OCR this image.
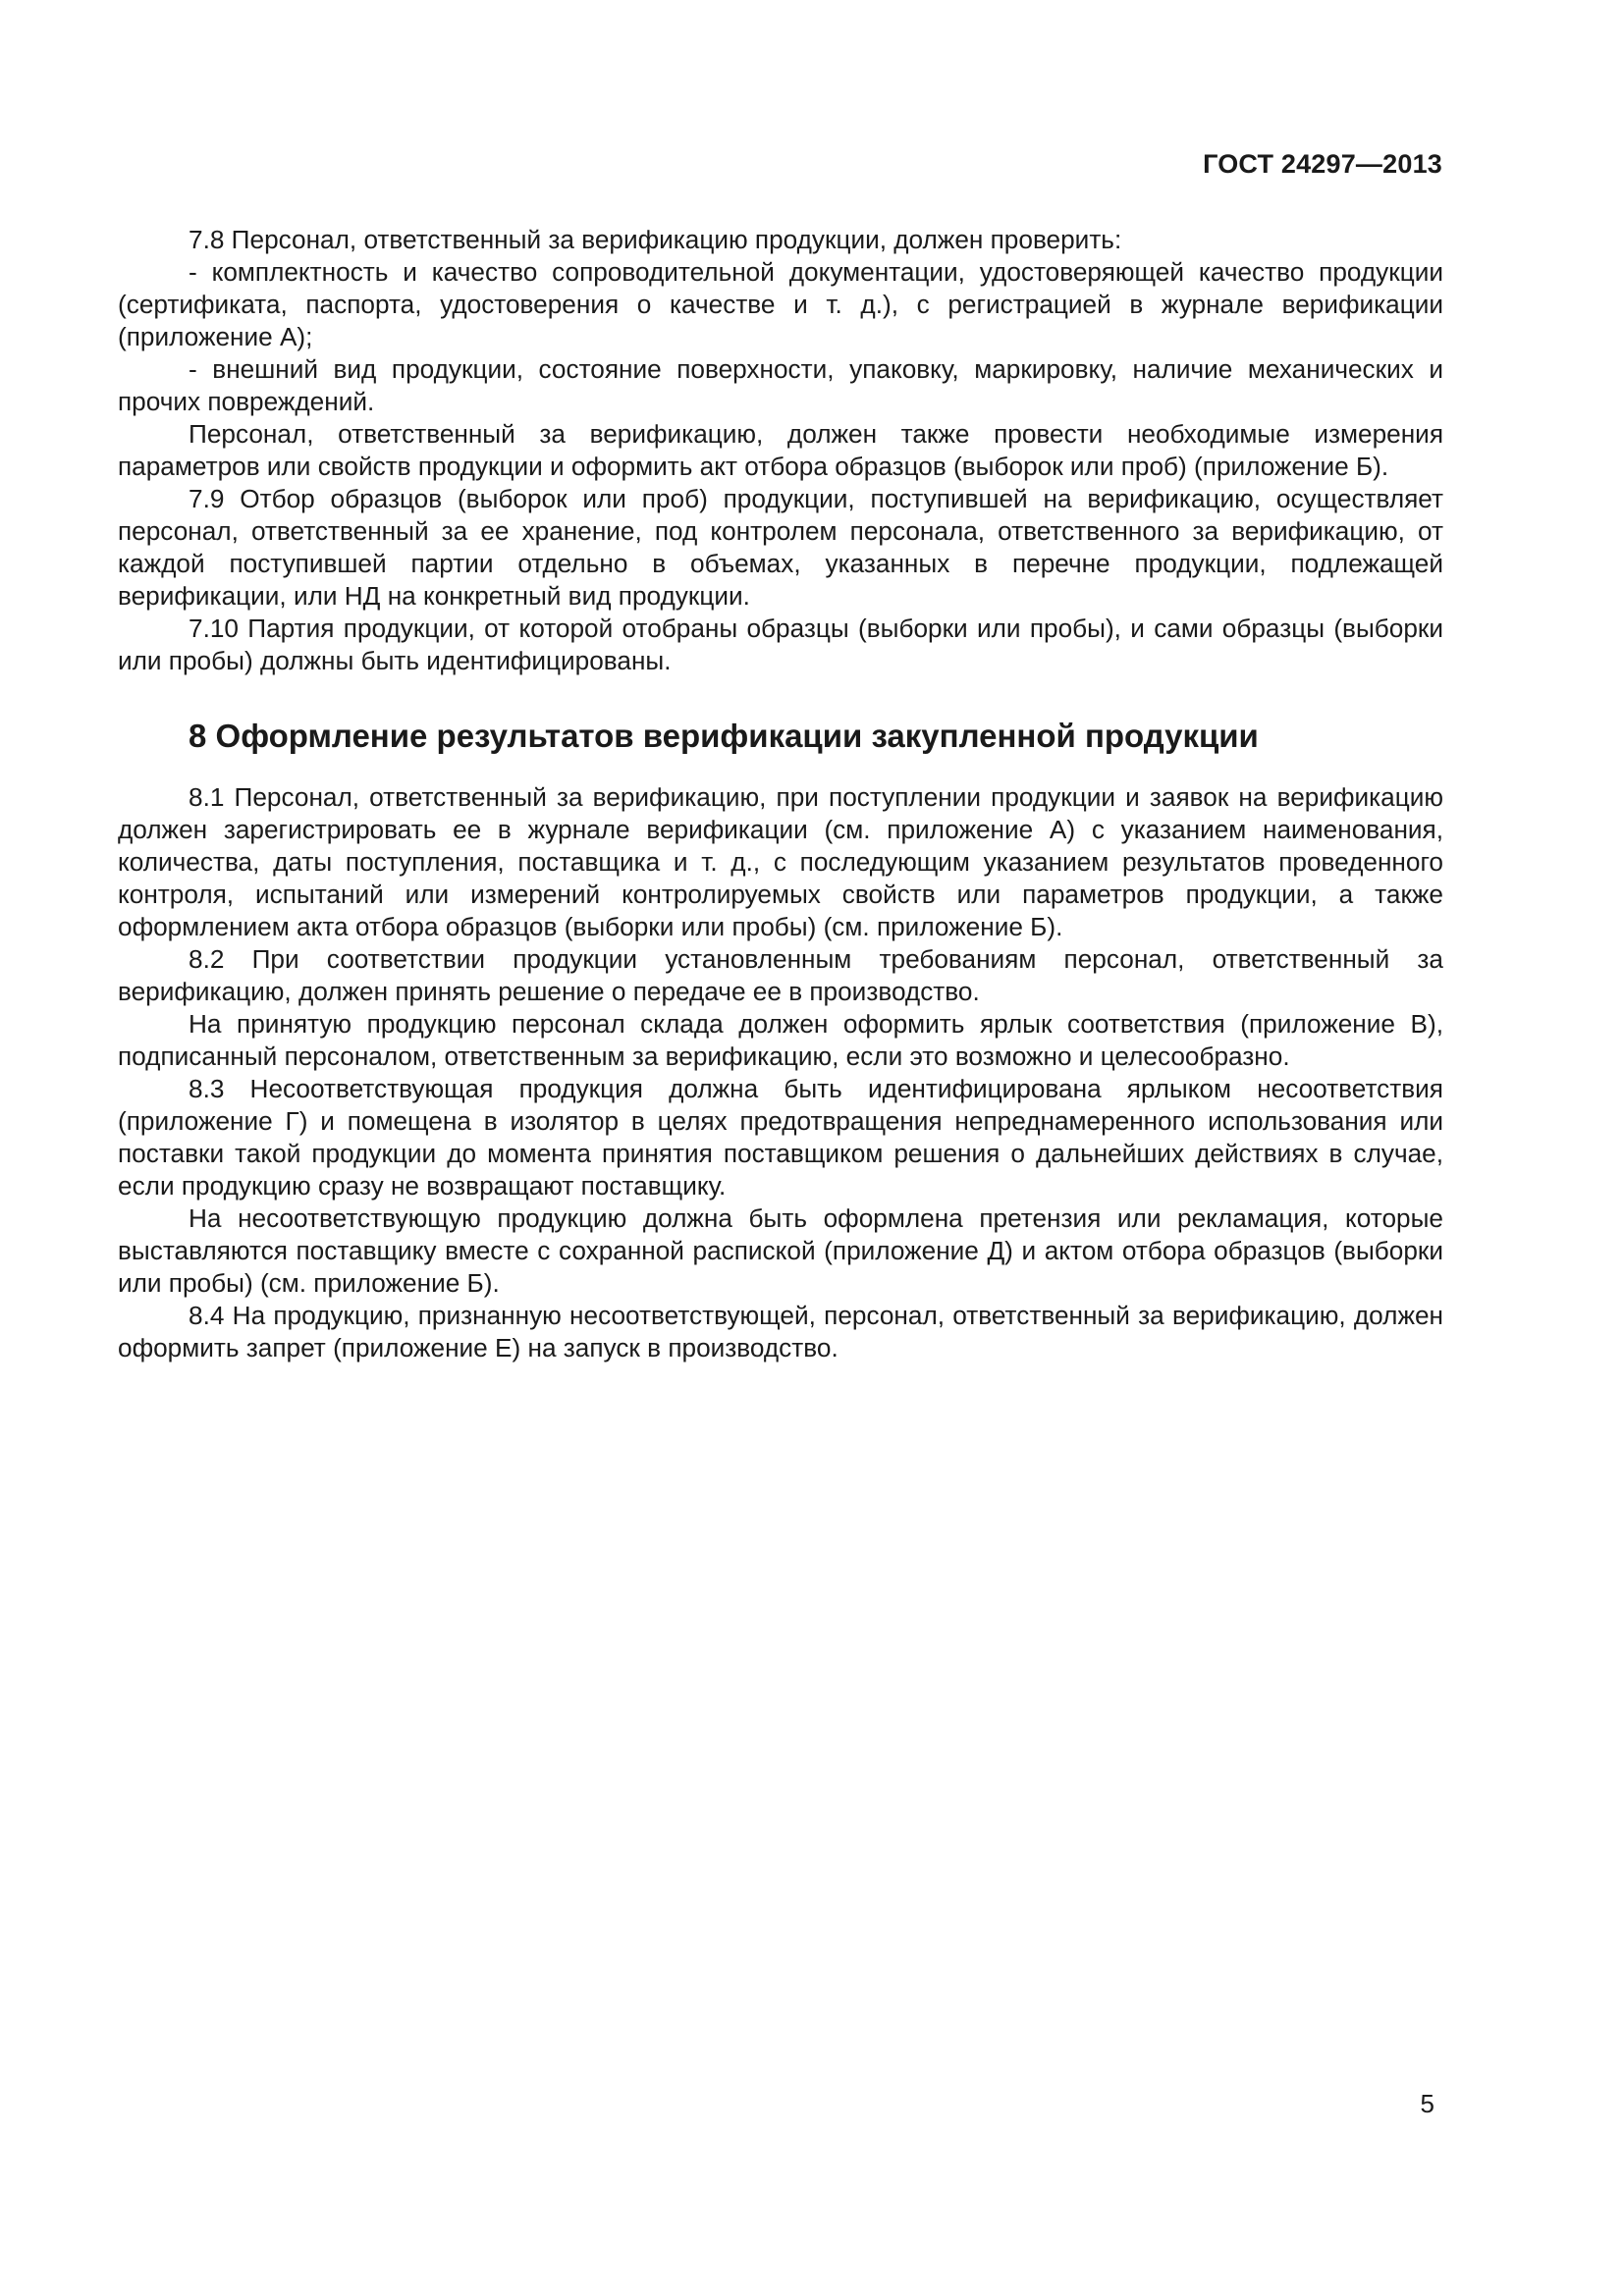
ГОСТ 24297—2013

7.8 Персонал, ответственный за верификацию продукции, должен проверить:

- комплектность и качество сопроводительной документации, удостоверяющей качество продукции (сертификата, паспорта, удостоверения о качестве и т. д.), с регистрацией в журнале верификации (приложение А);

- внешний вид продукции, состояние поверхности, упаковку, маркировку, наличие механических и прочих повреждений.

Персонал, ответственный за верификацию, должен также провести необходимые измерения параметров или свойств продукции и оформить акт отбора образцов (выборок или проб) (приложение Б).

7.9 Отбор образцов (выборок или проб) продукции, поступившей на верификацию, осуществляет персонал, ответственный за ее хранение, под контролем персонала, ответственного за верификацию, от каждой поступившей партии отдельно в объемах, указанных в перечне продукции, подлежащей верификации, или НД на конкретный вид продукции.

7.10 Партия продукции, от которой отобраны образцы (выборки или пробы), и сами образцы (выборки или пробы) должны быть идентифицированы.

8 Оформление результатов верификации закупленной продукции

8.1 Персонал, ответственный за верификацию, при поступлении продукции и заявок на верификацию должен зарегистрировать ее в журнале верификации (см. приложение А) с указанием наименования, количества, даты поступления, поставщика и т. д., с последующим указанием результатов проведенного контроля, испытаний или измерений контролируемых свойств или параметров продукции, а также оформлением акта отбора образцов (выборки или пробы) (см. приложение Б).

8.2 При соответствии продукции установленным требованиям персонал, ответственный за верификацию, должен принять решение о передаче ее в производство.

На принятую продукцию персонал склада должен оформить ярлык соответствия (приложение В), подписанный персоналом, ответственным за верификацию, если это возможно и целесообразно.

8.3 Несоответствующая продукция должна быть идентифицирована ярлыком несоответствия (приложение Г) и помещена в изолятор в целях предотвращения непреднамеренного использования или поставки такой продукции до момента принятия поставщиком решения о дальнейших действиях в случае, если продукцию сразу не возвращают поставщику.

На несоответствующую продукцию должна быть оформлена претензия или рекламация, которые выставляются поставщику вместе с сохранной распиской (приложение Д) и актом отбора образцов (выборки или пробы) (см. приложение Б).

8.4 На продукцию, признанную несоответствующей, персонал, ответственный за верификацию, должен оформить запрет (приложение Е) на запуск в производство.

5
